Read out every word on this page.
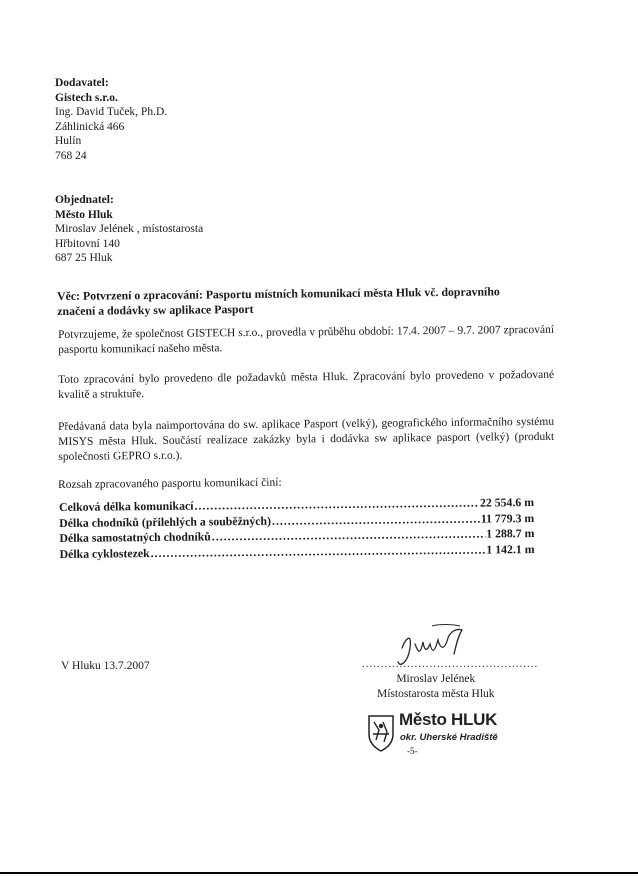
Dodavatel:
Gistech s.r.o.
Ing. David Tuček, Ph.D.
Záhlinická 466
Hulín
768 24
Objednatel:
Město Hluk
Miroslav Jelének , místostarosta
Hřbitovní 140
687 25 Hluk
Věc: Potvrzení o zpracování: Pasportu místních komunikací města Hluk vč. dopravního
značení a dodávky sw aplikace Pasport
Potvrzujeme, že společnost GISTECH s.r.o., provedla v průběhu období: 17.4. 2007 – 9.7. 2007 zpracování pasportu komunikací našeho města.
Toto zpracování bylo provedeno dle požadavků města Hluk. Zpracování bylo provedeno v požadované kvalitě a struktuře.
Předávaná data byla naimportována do sw. aplikace Pasport (velký), geografického informačního systému MISYS města Hluk. Součástí realizace zakázky byla i dodávka sw aplikace pasport (velký) (produkt společnosti GEPRO s.r.o.).
Rozsah zpracovaného pasportu komunikací činí:
Celková délka komunikací .....	22 554.6 m
Délka chodníků (přilehlých a souběžných) .....	11 779.3 m
Délka samostatných chodníků .....	1 288.7 m
Délka cyklostezek .....	1 142.1 m
V Hluku 13.7.2007	...............................................
Miroslav Jelének
Místostarosta města Hluk
Město HLUK
okr. Uherské Hradiště
-5-
